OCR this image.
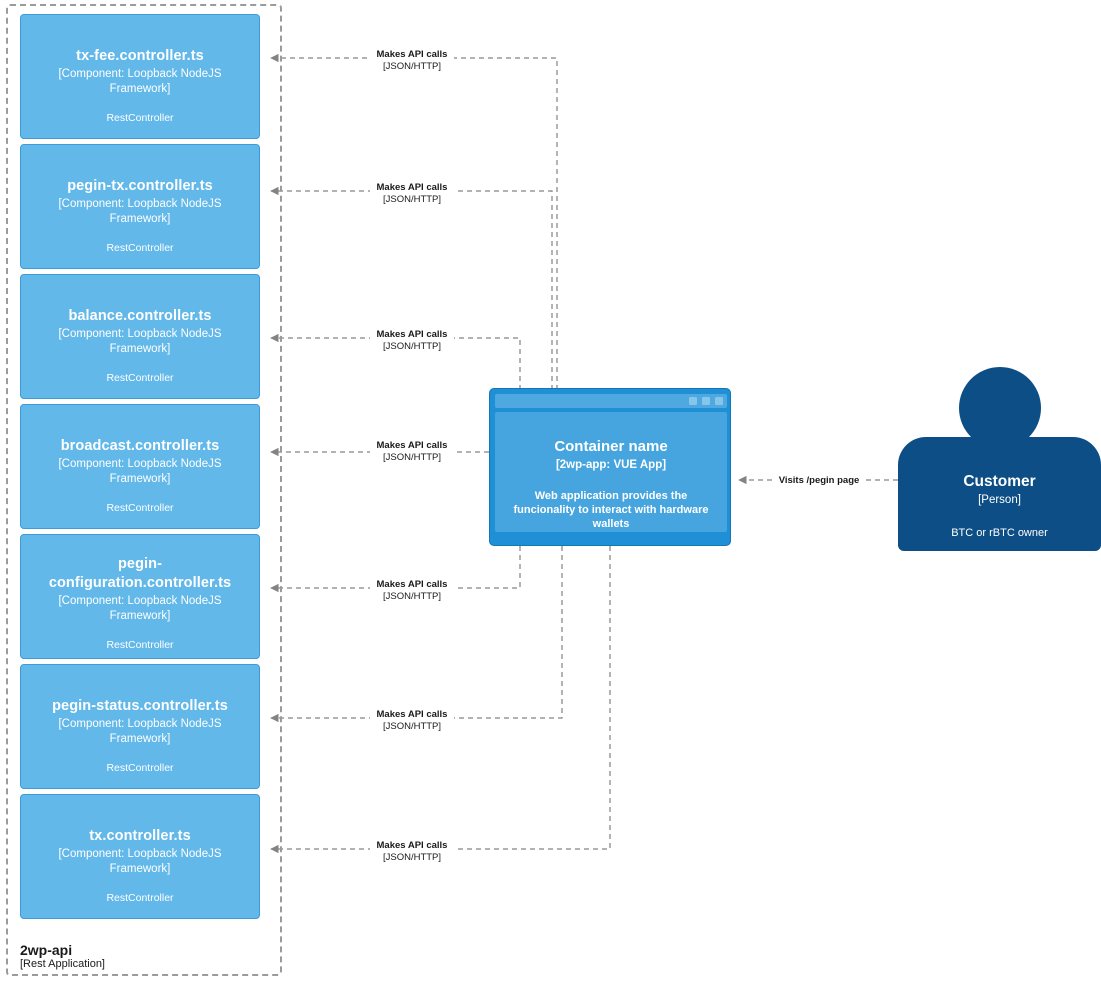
2wp-api
[Rest Application]
tx-fee.controller.ts
[Component: Loopback NodeJS Framework]
RestController
pegin-tx.controller.ts
[Component: Loopback NodeJS Framework]
RestController
balance.controller.ts
[Component: Loopback NodeJS Framework]
RestController
broadcast.controller.ts
[Component: Loopback NodeJS Framework]
RestController
pegin-configuration.controller.ts
[Component: Loopback NodeJS Framework]
RestController
pegin-status.controller.ts
[Component: Loopback NodeJS Framework]
RestController
tx.controller.ts
[Component: Loopback NodeJS Framework]
RestController
Container name
[2wp-app: VUE App]
Web application provides the funcionality to interact with hardware wallets
Customer
[Person]
BTC or rBTC owner
Makes API calls
[JSON/HTTP]
Makes API calls
[JSON/HTTP]
Makes API calls
[JSON/HTTP]
Makes API calls
[JSON/HTTP]
Makes API calls
[JSON/HTTP]
Makes API calls
[JSON/HTTP]
Makes API calls
[JSON/HTTP]
Visits /pegin page
